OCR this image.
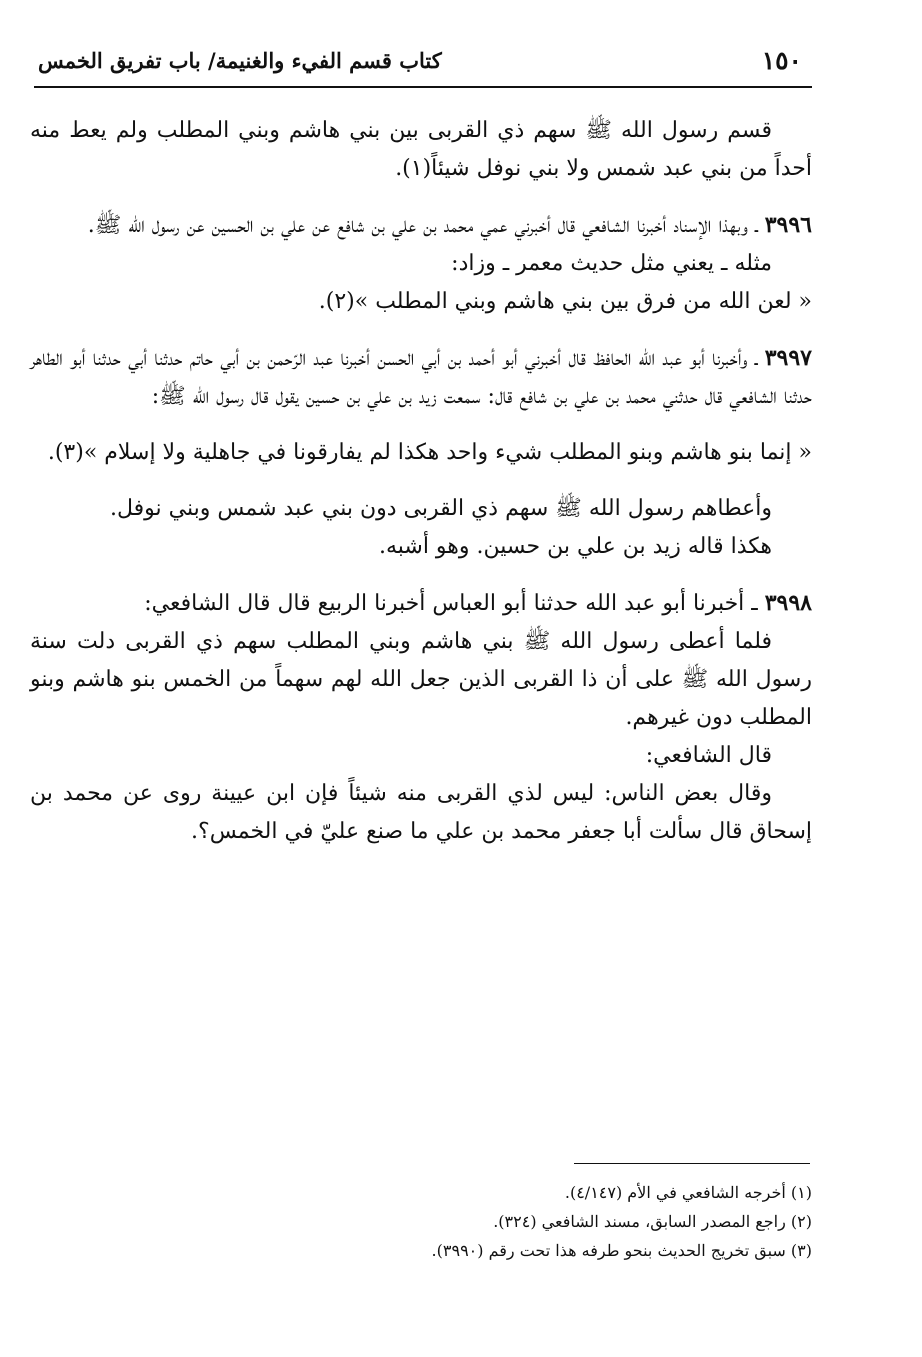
١٥٠
كتاب قسم الفيء والغنيمة/ باب تفريق الخمس

قسم رسول الله ﷺ سهم ذي القربى بين بني هاشم وبني المطلب ولم يعط منه أحداً من بني عبد شمس ولا بني نوفل شيئاً(١).

٣٩٩٦ ـ وبهذا الإسناد أخبرنا الشافعي قال أخبرني عمي محمد بن علي بن شافع عن علي بن الحسين عن رسول الله ﷺ.

مثله ـ يعني مثل حديث معمر ـ وزاد:

« لعن الله من فرق بين بني هاشم وبني المطلب »(٢).

٣٩٩٧ ـ وأخبرنا أبو عبد الله الحافظ قال أخبرني أبو أحمد بن أبي الحسن أخبرنا عبد الرّحمن بن أبي حاتم حدثنا أبي حدثنا أبو الطاهر حدثنا الشافعي قال حدثني محمد بن علي بن شافع قال: سمعت زيد بن علي بن حسين يقول قال رسول الله ﷺ:

« إنما بنو هاشم وبنو المطلب شيء واحد هكذا لم يفارقونا في جاهلية ولا إسلام »(٣).

وأعطاهم رسول الله ﷺ سهم ذي القربى دون بني عبد شمس وبني نوفل.

هكذا قاله زيد بن علي بن حسين. وهو أشبه.

٣٩٩٨ ـ أخبرنا أبو عبد الله حدثنا أبو العباس أخبرنا الربيع قال قال الشافعي:

فلما أعطى رسول الله ﷺ بني هاشم وبني المطلب سهم ذي القربى دلت سنة رسول الله ﷺ على أن ذا القربى الذين جعل الله لهم سهماً من الخمس بنو هاشم وبنو المطلب دون غيرهم.

قال الشافعي:

وقال بعض الناس: ليس لذي القربى منه شيئاً فإن ابن عيينة روى عن محمد بن إسحاق قال سألت أبا جعفر محمد بن علي ما صنع عليّ في الخمس؟.

(١) أخرجه الشافعي في الأم (٤/١٤٧).

(٢) راجع المصدر السابق، مسند الشافعي (٣٢٤).

(٣) سبق تخريج الحديث بنحو طرفه هذا تحت رقم (٣٩٩٠).
